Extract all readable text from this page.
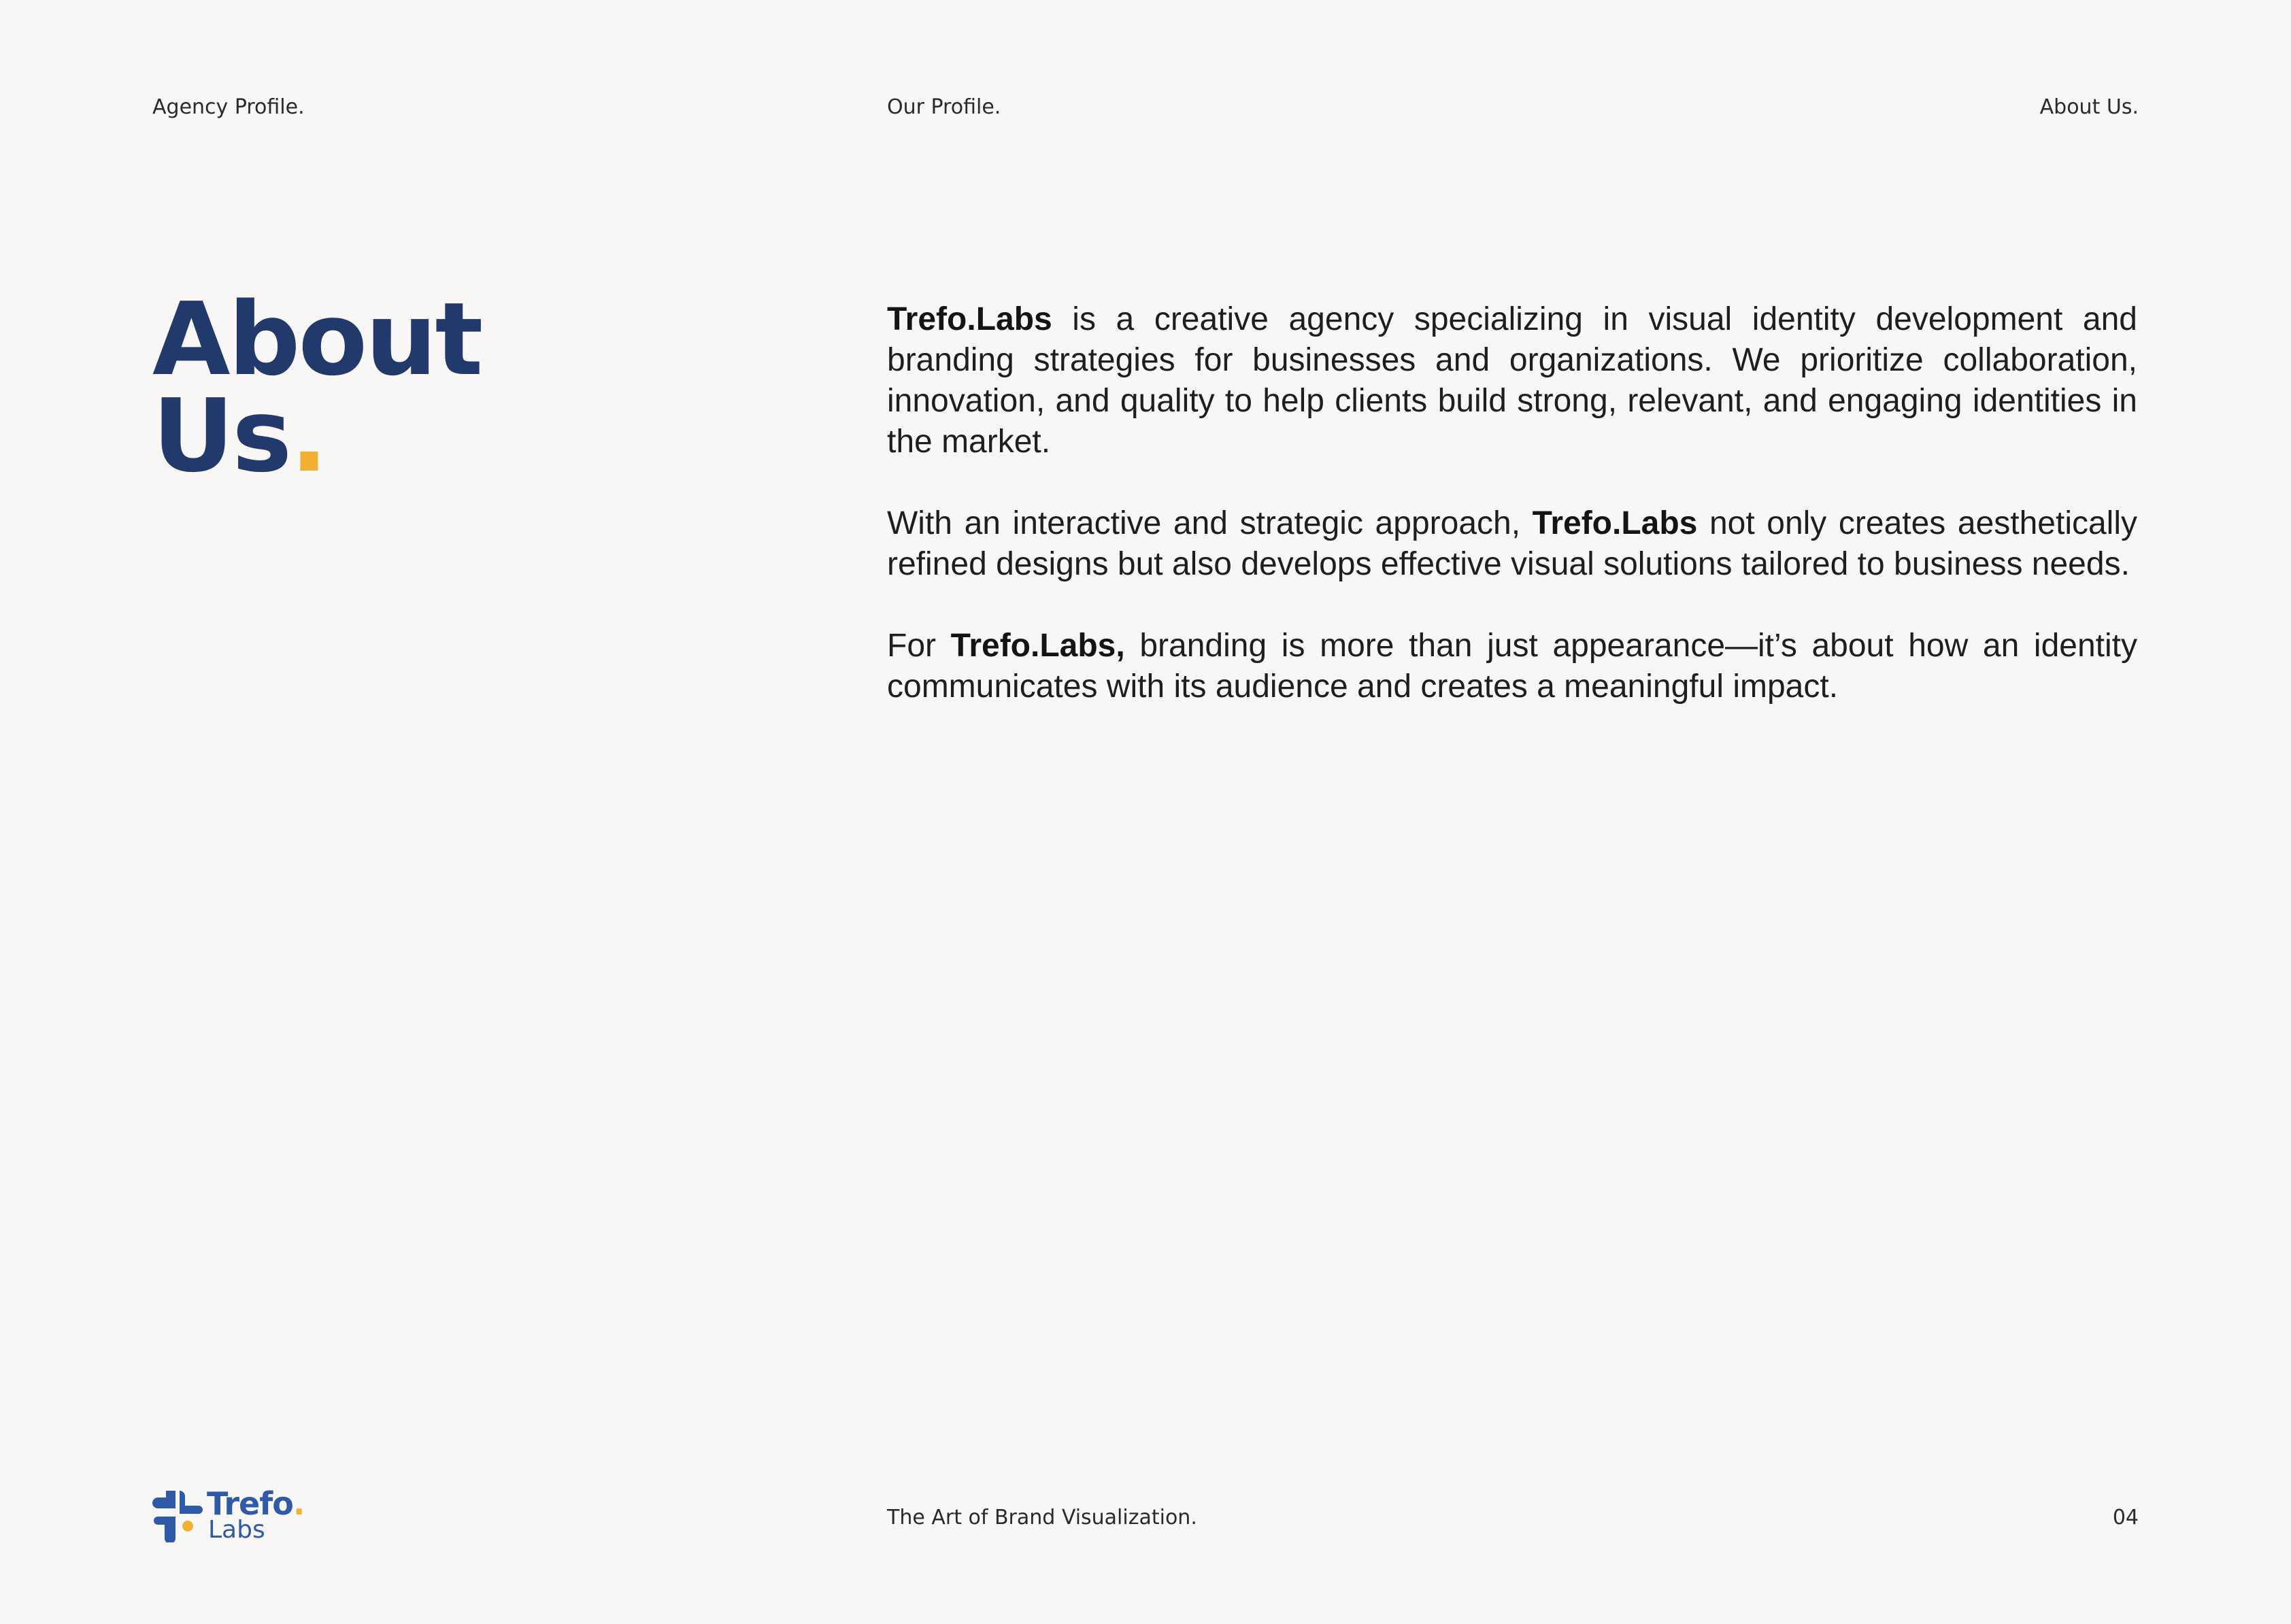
Agency Profile.	Our Profile.	About Us.
About
Us.

Trefo.Labs is a creative agency specializing in visual identity development and branding strategies for businesses and organizations. We prioritize collaboration, innovation, and quality to help clients build strong, relevant, and engaging identities in the market.

With an interactive and strategic approach, Trefo.Labs not only creates aesthetically refined designs but also develops effective visual solutions tailored to business needs.

For Trefo.Labs, branding is more than just appearance—it’s about how an identity communicates with its audience and creates a meaningful impact.

Trefo.
Labs	The Art of Brand Visualization.	04
